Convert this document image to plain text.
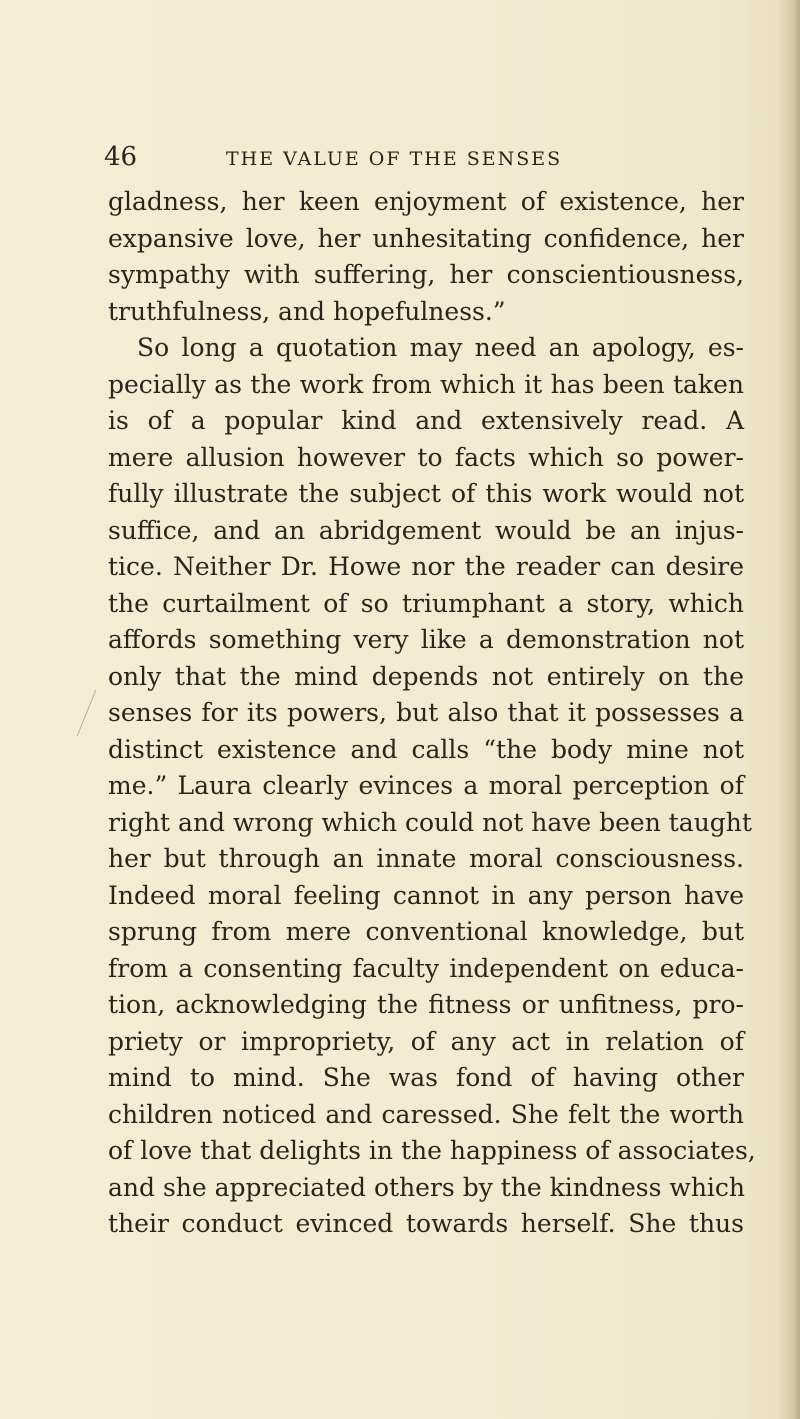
46	THE VALUE OF THE SENSES
gladness, her keen enjoyment of existence, her
expansive love, her unhesitating confidence, her
sympathy with suffering, her conscientiousness,
truthfulness, and hopefulness.”
So long a quotation may need an apology, es-
pecially as the work from which it has been taken
is of a popular kind and extensively read. A
mere allusion however to facts which so power-
fully illustrate the subject of this work would not
suffice, and an abridgement would be an injus-
tice. Neither Dr. Howe nor the reader can desire
the curtailment of so triumphant a story, which
affords something very like a demonstration not
only that the mind depends not entirely on the
senses for its powers, but also that it possesses a
distinct existence and calls “the body mine not
me.” Laura clearly evinces a moral perception of
right and wrong which could not have been taught
her but through an innate moral consciousness.
Indeed moral feeling cannot in any person have
sprung from mere conventional knowledge, but
from a consenting faculty independent on educa-
tion, acknowledging the fitness or unfitness, pro-
priety or impropriety, of any act in relation of
mind to mind. She was fond of having other
children noticed and caressed. She felt the worth
of love that delights in the happiness of associates,
and she appreciated others by the kindness which
their conduct evinced towards herself. She thus
